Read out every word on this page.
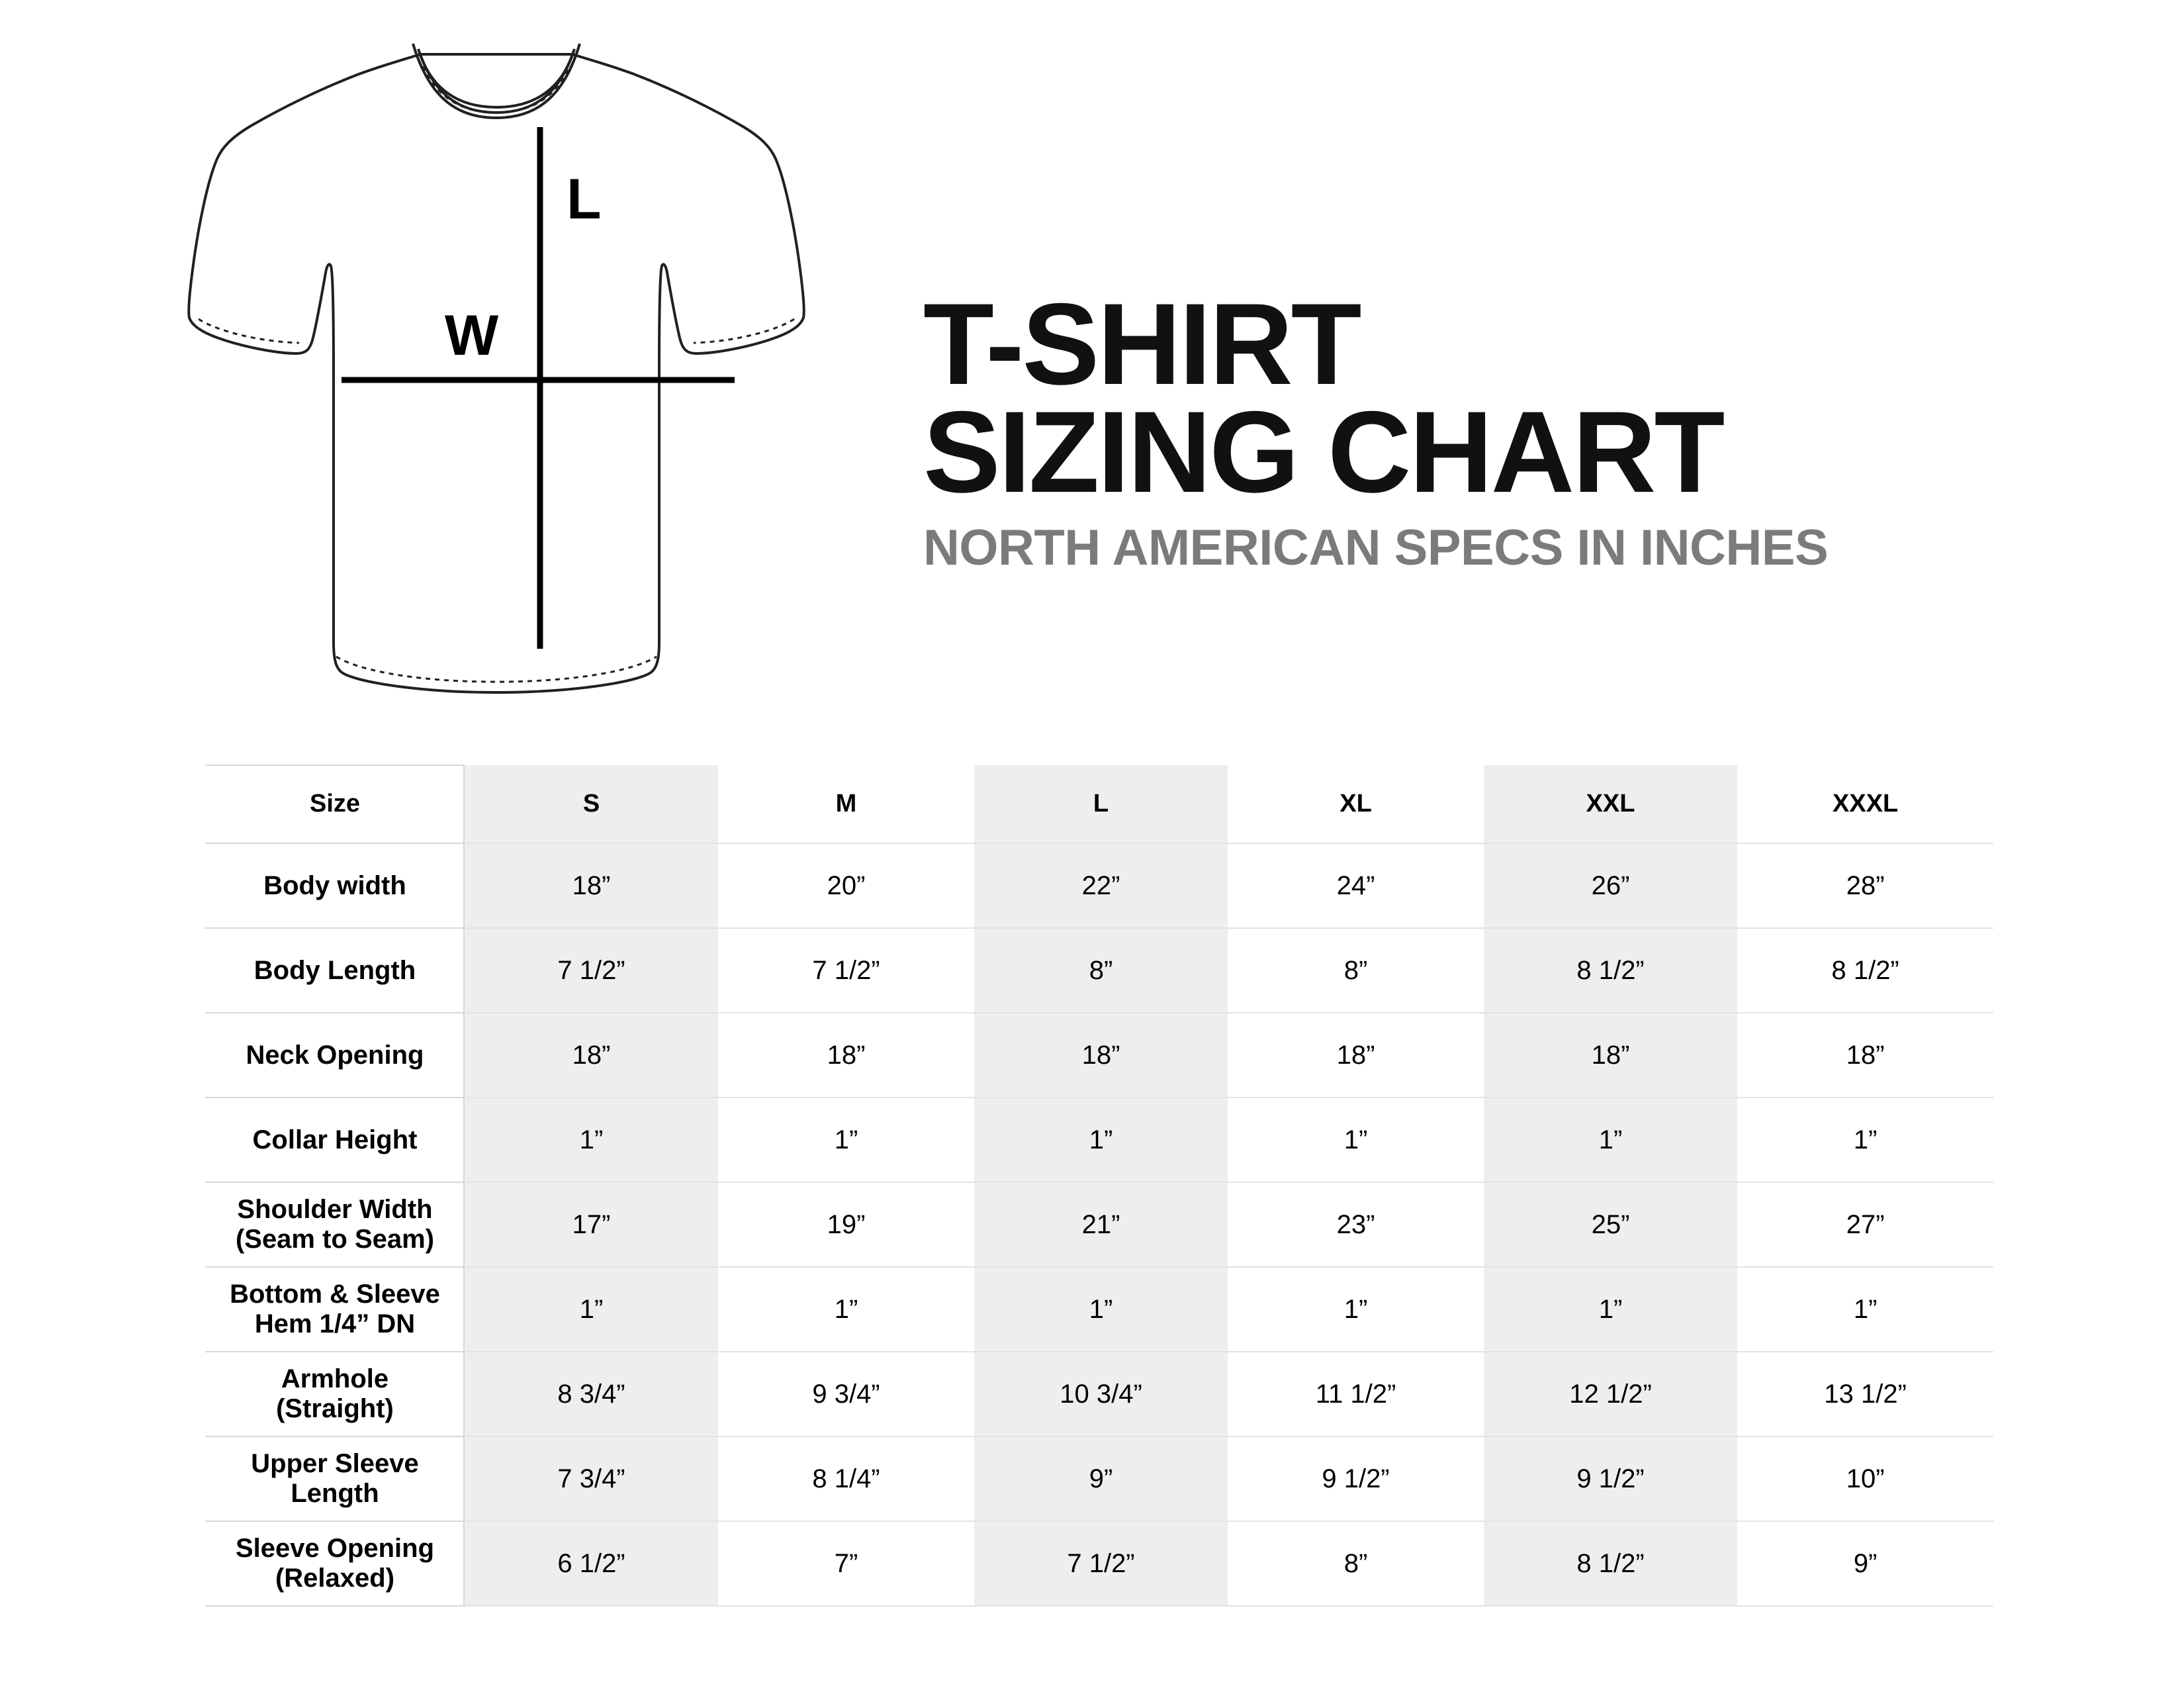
L
W	T-SHIRT
SIZING CHART
NORTH AMERICAN SPECS IN INCHES
Size	S	M	L	XL	XXL	XXXL
Body width	18”	20”	22”	24”	26”	28”
Body Length	7 1/2”	7 1/2”	8”	8”	8 1/2”	8 1/2”
Neck Opening	18”	18”	18”	18”	18”	18”
Collar Height	1”	1”	1”	1”	1”	1”

Shoulder Width
(Seam to Seam)	17”	19”	21”	23”	25”	27”

Bottom & Sleeve
Hem 1/4” DN	1”	1”	1”	1”	1”	1”

Armhole
(Straight)	8 3/4”	9 3/4”	10 3/4”	11 1/2”	12 1/2”	13 1/2”

Upper Sleeve
Length	7 3/4”	8 1/4”	9”	9 1/2”	9 1/2”	10”

Sleeve Opening
(Relaxed)	6 1/2”	7”	7 1/2”	8”	8 1/2”	9”
